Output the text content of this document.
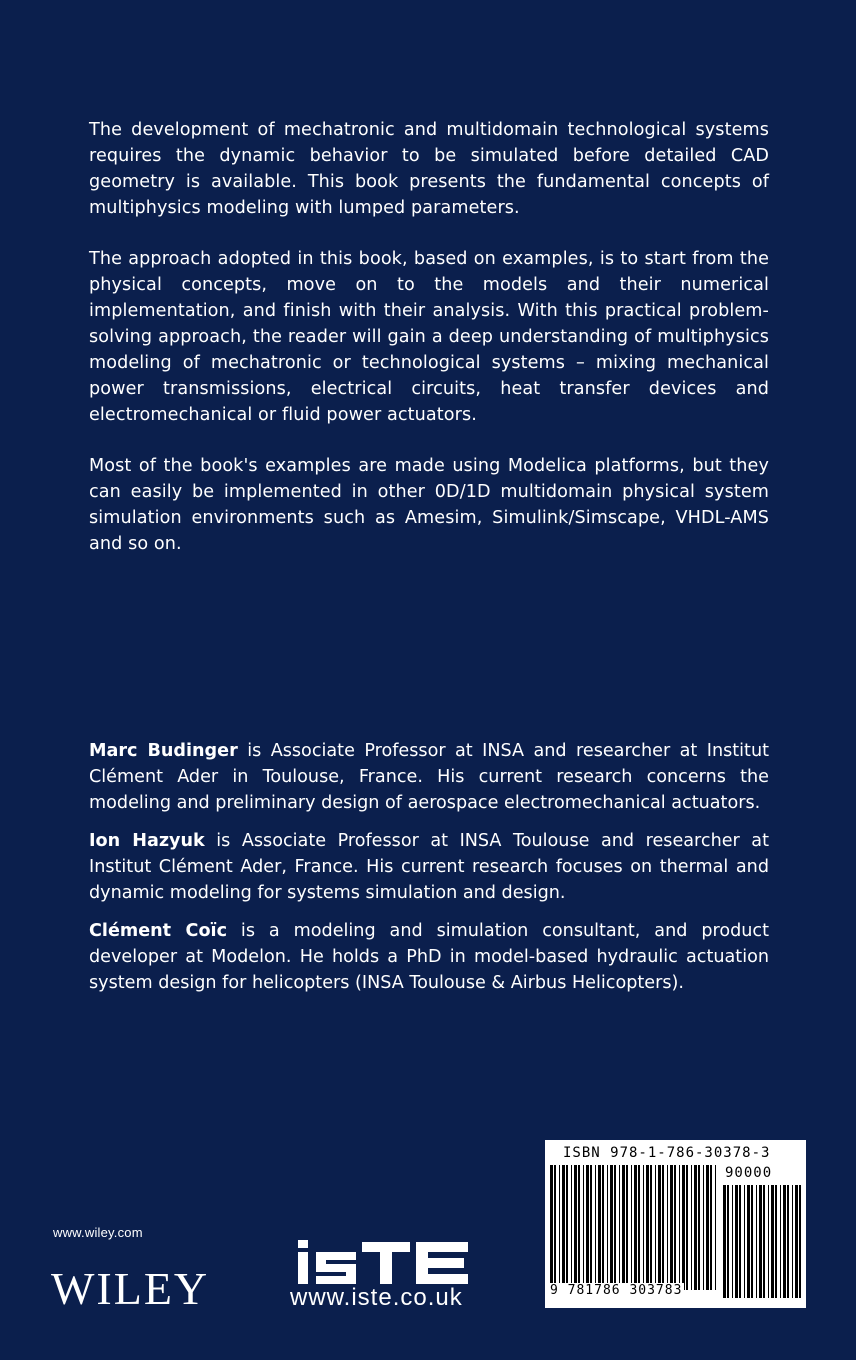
The development of mechatronic and multidomain technological systems requires the dynamic behavior to be simulated before detailed CAD geometry is available. This book presents the fundamental concepts of multiphysics modeling with lumped parameters.

The approach adopted in this book, based on examples, is to start from the physical concepts, move on to the models and their numerical implementation, and finish with their analysis. With this practical problem-solving approach, the reader will gain a deep understanding of multiphysics modeling of mechatronic or technological systems – mixing mechanical power transmissions, electrical circuits, heat transfer devices and electromechanical or fluid power actuators.

Most of the book's examples are made using Modelica platforms, but they can easily be implemented in other 0D/1D multidomain physical system simulation environments such as Amesim, Simulink/Simscape, VHDL-AMS and so on.

Marc Budinger is Associate Professor at INSA and researcher at Institut Clément Ader in Toulouse, France. His current research concerns the modeling and preliminary design of aerospace electromechanical actuators.

Ion Hazyuk is Associate Professor at INSA Toulouse and researcher at Institut Clément Ader, France. His current research focuses on thermal and dynamic modeling for systems simulation and design.

Clément Coïc is a modeling and simulation consultant, and product developer at Modelon. He holds a PhD in model-based hydraulic actuation system design for helicopters (INSA Toulouse & Airbus Helicopters).

www.wiley.com
WILEY	www.iste.co.uk
ISBN 978-1-786-30378-3
90000
9 781786 303783
